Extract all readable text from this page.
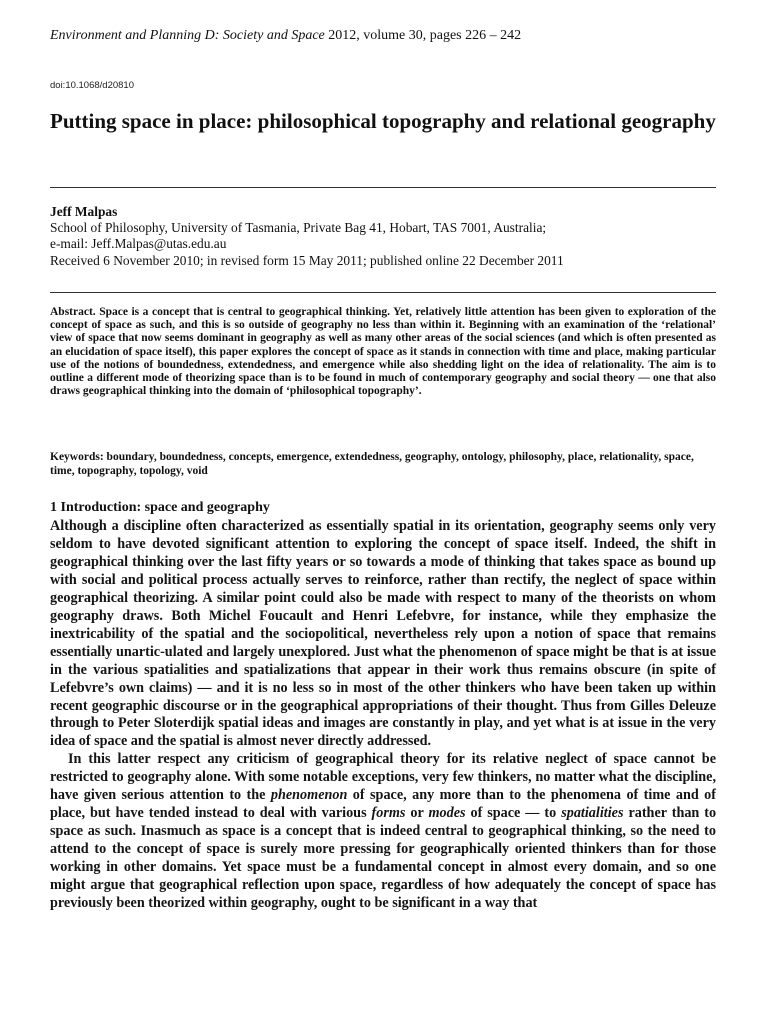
Environment and Planning D: Society and Space 2012, volume 30, pages 226 – 242
doi:10.1068/d20810
Putting space in place: philosophical topography and relational geography
Jeff Malpas
School of Philosophy, University of Tasmania, Private Bag 41, Hobart, TAS 7001, Australia;
e-mail: Jeff.Malpas@utas.edu.au
Received 6 November 2010; in revised form 15 May 2011; published online 22 December 2011

Abstract. Space is a concept that is central to geographical thinking. Yet, relatively little attention has been given to exploration of the concept of space as such, and this is so outside of geography no less than within it. Beginning with an examination of the ‘relational’ view of space that now seems dominant in geography as well as many other areas of the social sciences (and which is often presented as an elucidation of space itself), this paper explores the concept of space as it stands in connection with time and place, making particular use of the notions of boundedness, extendedness, and emergence while also shedding light on the idea of relationality. The aim is to outline a different mode of theorizing space than is to be found in much of contemporary geography and social theory — one that also draws geographical thinking into the domain of ‘philosophical topography’.

Keywords: boundary, boundedness, concepts, emergence, extendedness, geography, ontology, philosophy, place, relationality, space, time, topography, topology, void

1 Introduction: space and geography

Although a discipline often characterized as essentially spatial in its orientation, geography seems only very seldom to have devoted significant attention to exploring the concept of space itself. Indeed, the shift in geographical thinking over the last fifty years or so towards a mode of thinking that takes space as bound up with social and political process actually serves to reinforce, rather than rectify, the neglect of space within geographical theorizing. A similar point could also be made with respect to many of the theorists on whom geography draws. Both Michel Foucault and Henri Lefebvre, for instance, while they emphasize the inextricability of the spatial and the sociopolitical, nevertheless rely upon a notion of space that remains essentially unartic-ulated and largely unexplored. Just what the phenomenon of space might be that is at issue in the various spatialities and spatializations that appear in their work thus remains obscure (in spite of Lefebvre’s own claims) — and it is no less so in most of the other thinkers who have been taken up within recent geographic discourse or in the geographical appropriations of their thought. Thus from Gilles Deleuze through to Peter Sloterdijk spatial ideas and images are constantly in play, and yet what is at issue in the very idea of space and the spatial is almost never directly addressed.

In this latter respect any criticism of geographical theory for its relative neglect of space cannot be restricted to geography alone. With some notable exceptions, very few thinkers, no matter what the discipline, have given serious attention to the phenomenon of space, any more than to the phenomena of time and of place, but have tended instead to deal with various forms or modes of space — to spatialities rather than to space as such. Inasmuch as space is a concept that is indeed central to geographical thinking, so the need to attend to the concept of space is surely more pressing for geographically oriented thinkers than for those working in other domains. Yet space must be a fundamental concept in almost every domain, and so one might argue that geographical reflection upon space, regardless of how adequately the concept of space has previously been theorized within geography, ought to be significant in a way that
